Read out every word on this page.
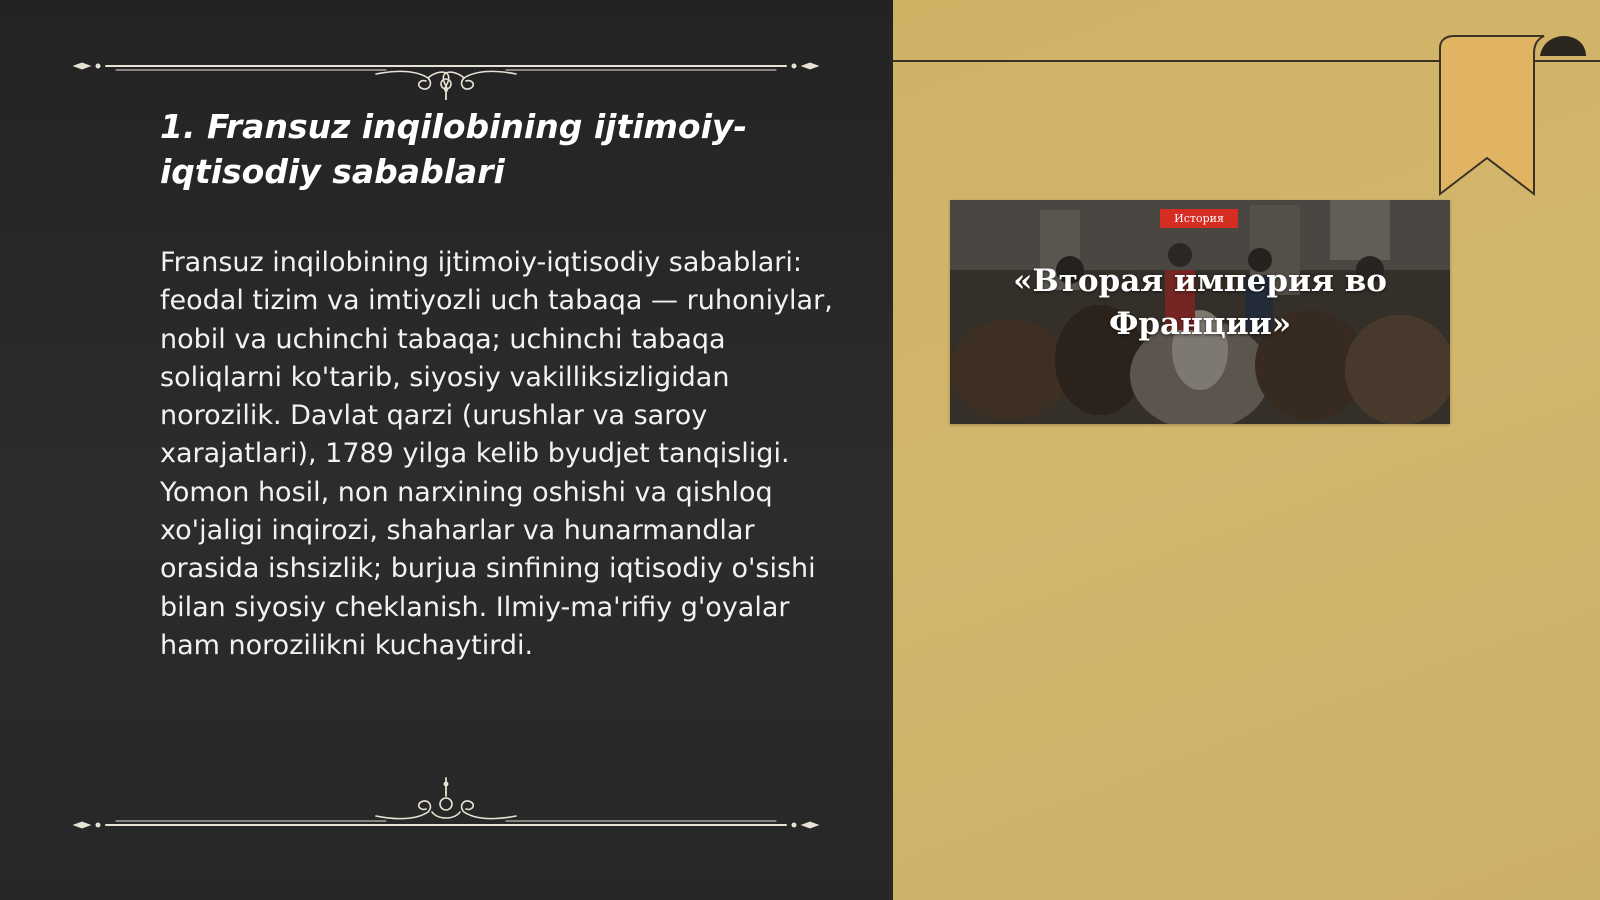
1. Fransuz inqilobining ijtimoiy-iqtisodiy sabablari

Fransuz inqilobining ijtimoiy-iqtisodiy sabablari: feodal tizim va imtiyozli uch tabaqa — ruhoniylar, nobil va uchinchi tabaqa; uchinchi tabaqa soliqlarni ko'tarib, siyosiy vakilliksizligidan norozilik. Davlat qarzi (urushlar va saroy xarajatlari), 1789 yilga kelib byudjet tanqisligi. Yomon hosil, non narxining oshishi va qishloq xo'jaligi inqirozi, shaharlar va hunarmandlar orasida ishsizlik; burjua sinfining iqtisodiy o'sishi bilan siyosiy cheklanish. Ilmiy-ma'rifiy g'oyalar ham norozilikni kuchaytirdi.

История
«Вторая империя во Франции»
